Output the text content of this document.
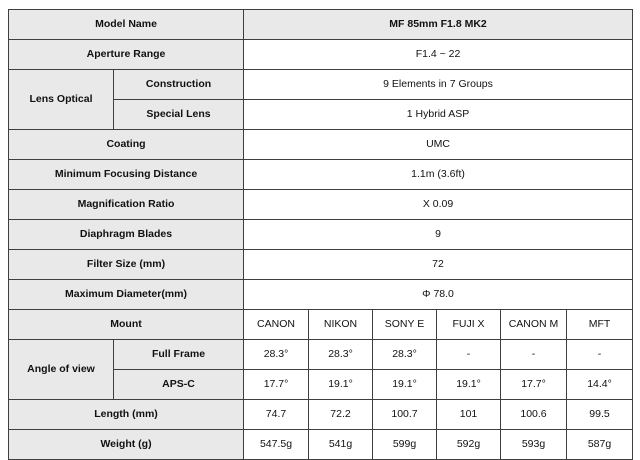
Model Name		MF 85mm F1.8 MK2					
Aperture Range		F1.4 ~ 22					
Lens Optical	Construction	9 Elements in 7 Groups					
	Special Lens	1 Hybrid ASP					
Coating		UMC					
Minimum Focusing Distance		1.1m (3.6ft)					
Magnification Ratio		X 0.09					
Diaphragm Blades		9					
Filter Size (mm)		72					
Maximum Diameter(mm)		Φ 78.0					
Mount		CANON	NIKON	SONY E	FUJI X	CANON M	MFT
Angle of view	Full Frame	28.3°	28.3°	28.3°	-	-	-
	APS-C	17.7°	19.1°	19.1°	19.1°	17.7°	14.4°
Length (mm)		74.7	72.2	100.7	101	100.6	99.5
Weight (g)		547.5g	541g	599g	592g	593g	587g
